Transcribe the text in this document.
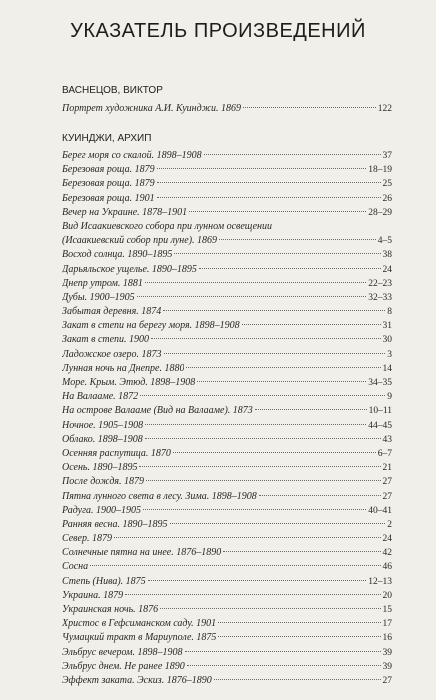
УКАЗАТЕЛЬ ПРОИЗВЕДЕНИЙ
ВАСНЕЦОВ, ВИКТОР
Портрет художника А.И. Куинджи. 1869	122
КУИНДЖИ, АРХИП
Берег моря со скалой. 1898–1908	37
Березовая роща. 1879	18–19
Березовая роща. 1879	25
Березовая роща. 1901	26
Вечер на Украине. 1878–1901	28–29
Вид Исаакиевского собора при лунном освещении
(Исаакиевский собор при луне). 1869	4–5
Восход солнца. 1890–1895	38
Дарьяльское ущелье. 1890–1895	24
Днепр утром. 1881	22–23
Дубы. 1900–1905	32–33
Забытая деревня. 1874	8
Закат в степи на берегу моря. 1898–1908	31
Закат в степи. 1900	30
Ладожское озеро. 1873	3
Лунная ночь на Днепре. 1880	14
Море. Крым. Этюд. 1898–1908	34–35
На Валааме. 1872	9
На острове Валааме (Вид на Валааме). 1873	10–11
Ночное. 1905–1908	44–45
Облако. 1898–1908	43
Осенняя распутица. 1870	6–7
Осень. 1890–1895	21
После дождя. 1879	27
Пятна лунного света в лесу. Зима. 1898–1908	27
Радуга. 1900–1905	40–41
Ранняя весна. 1890–1895	2
Север. 1879	24
Солнечные пятна на инее. 1876–1890	42
Сосна	46
Степь (Нива). 1875	12–13
Украина. 1879	20
Украинская ночь. 1876	15
Христос в Гефсиманском саду. 1901	17
Чумацкий тракт в Мариуполе. 1875	16
Эльбрус вечером. 1898–1908	39
Эльбрус днем. Не ранее 1890	39
Эффект заката. Эскиз. 1876–1890	27
